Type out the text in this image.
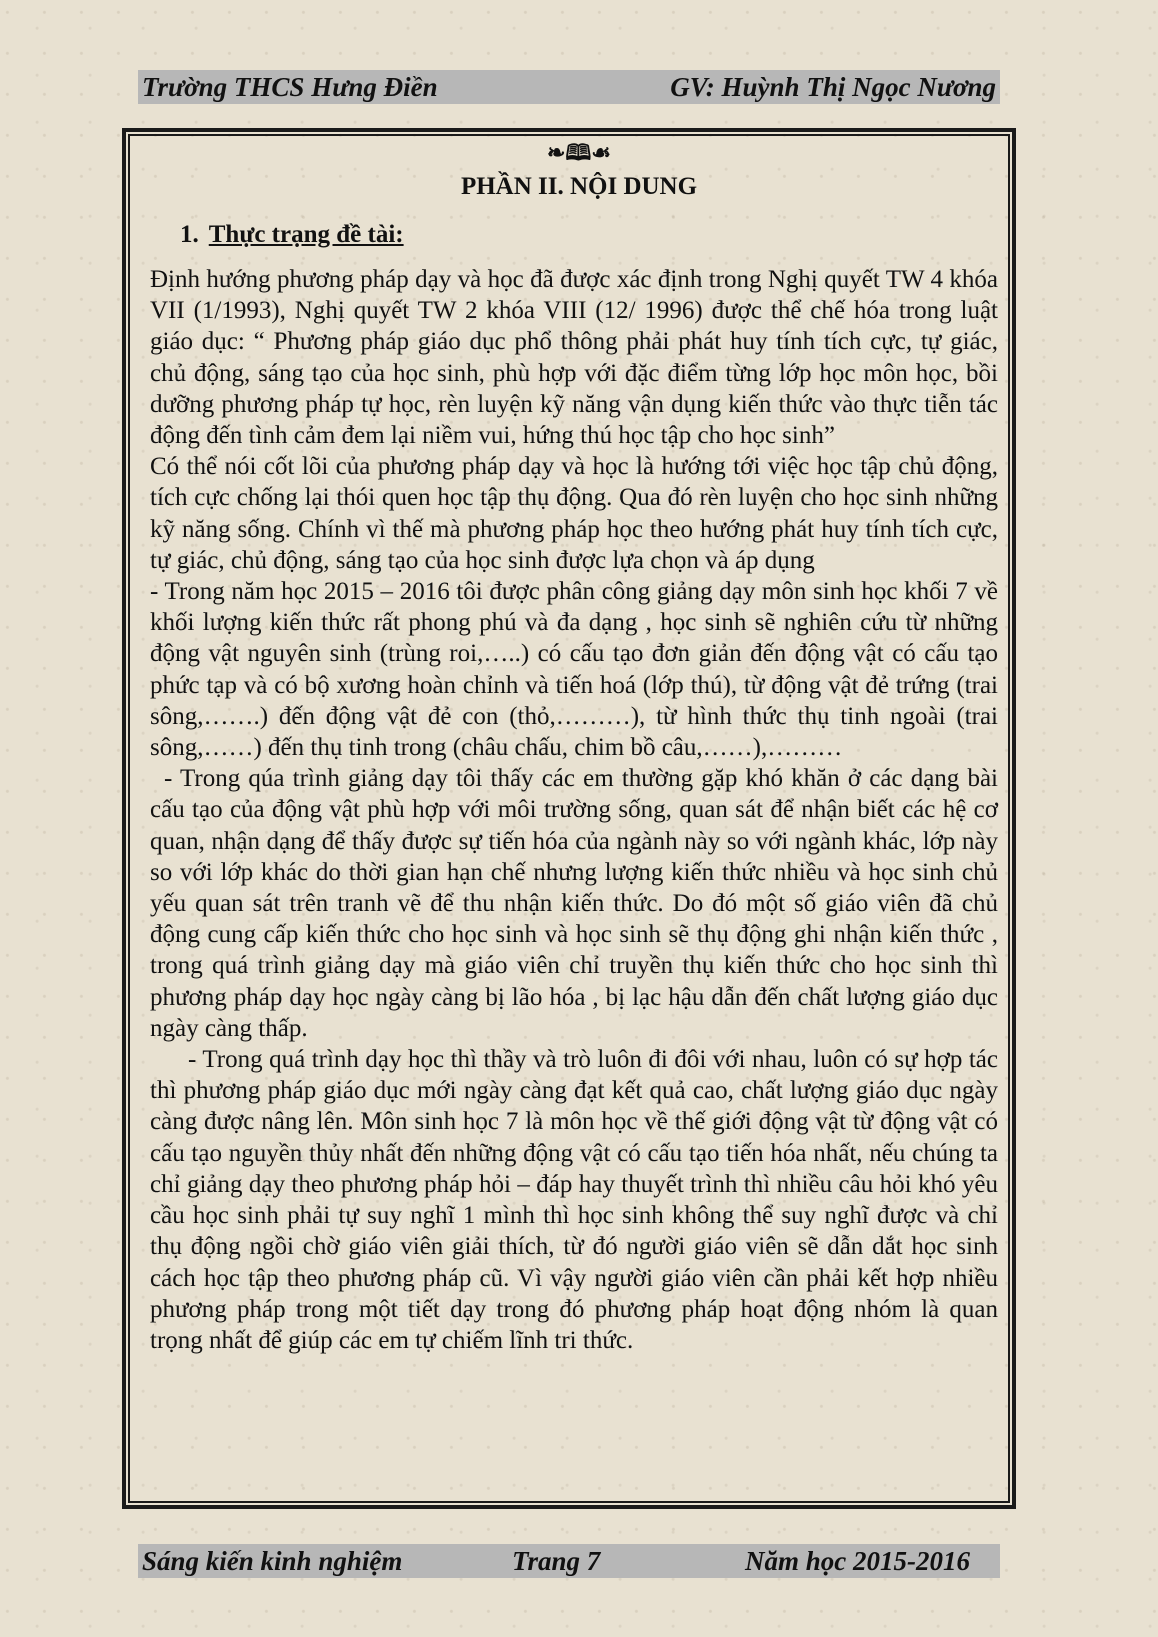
Trường THCS Hưng Điền	GV: Huỳnh Thị Ngọc Nương
❧🕮☙
PHẦN II. NỘI DUNG
1. Thực trạng đề tài:

Định hướng phương pháp dạy và học đã được xác định trong Nghị quyết TW 4 khóa VII (1/1993), Nghị quyết TW 2 khóa VIII (12/ 1996) được thể chế hóa trong luật giáo dục: “ Phương pháp giáo dục phổ thông phải phát huy tính tích cực, tự giác, chủ động, sáng tạo của học sinh, phù hợp với đặc điểm từng lớp học môn học, bồi dưỡng phương pháp tự học, rèn luyện kỹ năng vận dụng kiến thức vào thực tiễn tác động đến tình cảm đem lại niềm vui, hứng thú học tập cho học sinh”

Có thể nói cốt lõi của phương pháp dạy và học là hướng tới việc học tập chủ động, tích cực chống lại thói quen học tập thụ động. Qua đó rèn luyện cho học sinh những kỹ năng sống. Chính vì thế mà phương pháp học theo hướng phát huy tính tích cực, tự giác, chủ động, sáng tạo của học sinh được lựa chọn và áp dụng

- Trong năm học 2015 – 2016 tôi được phân công giảng dạy môn sinh học khối 7 về khối lượng kiến thức rất phong phú và đa dạng , học sinh sẽ nghiên cứu từ những động vật nguyên sinh (trùng roi,…..) có cấu tạo đơn giản đến động vật có cấu tạo phức tạp và có bộ xương hoàn chỉnh và tiến hoá (lớp thú), từ động vật đẻ trứng (trai sông,…….) đến động vật đẻ con (thỏ,………), từ hình thức thụ tinh ngoài (trai sông,……) đến thụ tinh trong (châu chấu, chim bồ câu,……),………

- Trong qúa trình giảng dạy tôi thấy các em thường gặp khó khăn ở các dạng bài cấu tạo của động vật phù hợp với môi trường sống, quan sát để nhận biết các hệ cơ quan, nhận dạng để thấy được sự tiến hóa của ngành này so với ngành khác, lớp này so với lớp khác do thời gian hạn chế nhưng lượng kiến thức nhiều và học sinh chủ yếu quan sát trên tranh vẽ để thu nhận kiến thức. Do đó một số giáo viên đã chủ động cung cấp kiến thức cho học sinh và học sinh sẽ thụ động ghi nhận kiến thức , trong quá trình giảng dạy mà giáo viên chỉ truyền thụ kiến thức cho học sinh thì phương pháp dạy học ngày càng bị lão hóa , bị lạc hậu dẫn đến chất lượng giáo dục ngày càng thấp.

- Trong quá trình dạy học thì thầy và trò luôn đi đôi với nhau, luôn có sự hợp tác thì phương pháp giáo dục mới ngày càng đạt kết quả cao, chất lượng giáo dục ngày càng được nâng lên. Môn sinh học 7 là môn học về thế giới động vật từ động vật có cấu tạo nguyền thủy nhất đến những động vật có cấu tạo tiến hóa nhất, nếu chúng ta chỉ giảng dạy theo phương pháp hỏi – đáp hay thuyết trình thì nhiều câu hỏi khó yêu cầu học sinh phải tự suy nghĩ 1 mình thì học sinh không thể suy nghĩ được và chỉ thụ động ngồi chờ giáo viên giải thích, từ đó người giáo viên sẽ dẫn dắt học sinh cách học tập theo phương pháp cũ. Vì vậy người giáo viên cần phải kết hợp nhiều phương pháp trong một tiết dạy trong đó phương pháp hoạt động nhóm là quan trọng nhất để giúp các em tự chiếm lĩnh tri thức.

Sáng kiến kinh nghiệm	Trang 7	Năm học 2015-2016
